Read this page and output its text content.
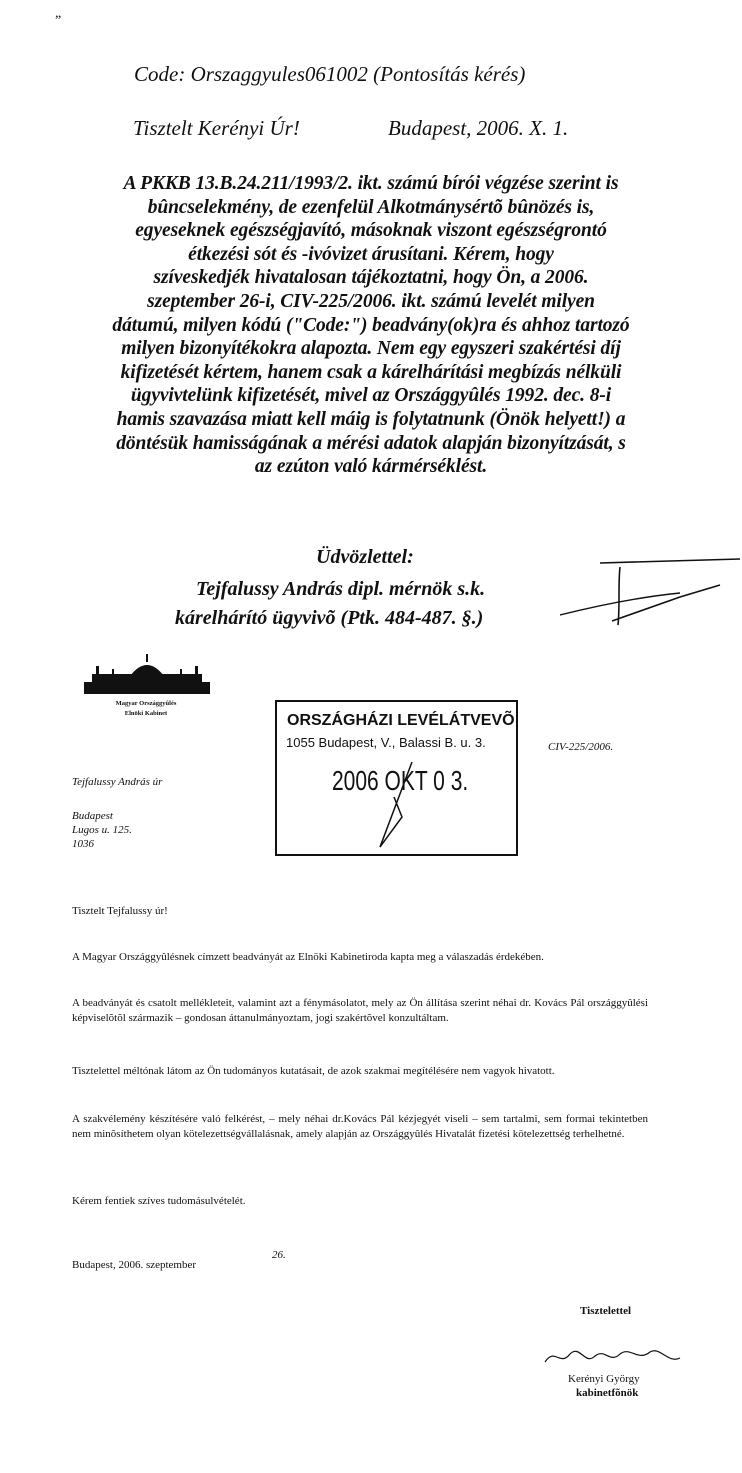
„
Code: Orszaggyules061002 (Pontosítás kérés)
Tisztelt Kerényi Úr!	Budapest, 2006. X. 1.
A PKKB 13.B.24.211/1993/2. ikt. számú bírói végzése szerint is
bûncselekmény, de ezenfelül Alkotmánysértõ bûnözés is,
egyeseknek egészségjavító, másoknak viszont egészségrontó
étkezési sót és -ivóvizet árusítani. Kérem, hogy
szíveskedjék hivatalosan tájékoztatni, hogy Ön, a 2006.
szeptember 26-i, CIV-225/2006. ikt. számú levelét milyen
dátumú, milyen kódú ("Code:") beadvány(ok)ra és ahhoz tartozó
milyen bizonyítékokra alapozta. Nem egy egyszeri szakértési díj
kifizetését kértem, hanem csak a kárelhárítási megbízás nélküli
ügyvivtelünk kifizetését, mivel az Országgyûlés 1992. dec. 8-i
hamis szavazása miatt kell máig is folytatnunk (Önök helyett!) a
döntésük hamisságának a mérési adatok alapján bizonyítzását, s
az ezúton való kármérséklést.
Üdvözlettel:
Tejfalussy András dipl. mérnök s.k.
kárelhárító ügyvivõ (Ptk. 484-487. §.)
Magyar Országgyûlés
Elnöki Kabinet	ORSZÁGHÁZI LEVÉLÁTVEVÕ
1055 Budapest, V., Balassi B. u. 3.
2006 OKT 0 3.
CIV-225/2006.
Tejfalussy András úr
Budapest
Lugos u. 125.
1036
Tisztelt Tejfalussy úr!

A Magyar Országgyûlésnek címzett beadványát az Elnöki Kabinetiroda kapta meg a válaszadás érdekében.

A beadványát és csatolt mellékleteit, valamint azt a fénymásolatot, mely az Ön állítása szerint néhai dr. Kovács Pál országgyûlési képviselõtõl származik – gondosan áttanulmányoztam, jogi szakértõvel konzultáltam.

Tisztelettel méltónak látom az Ön tudományos kutatásait, de azok szakmai megítélésére nem vagyok hivatott.

A szakvélemény készítésére való felkérést, – mely néhai dr.Kovács Pál kézjegyét viseli – sem tartalmi, sem formai tekintetben nem minõsíthetem olyan kötelezettségvállalásnak, amely alapján az Országgyûlés Hivatalát fizetési kötelezettség terhelhetné.

Kérem fentiek szíves tudomásulvételét.

Budapest, 2006. szeptember
26.
Tisztelettel
Kerényi György
kabinetfõnök
